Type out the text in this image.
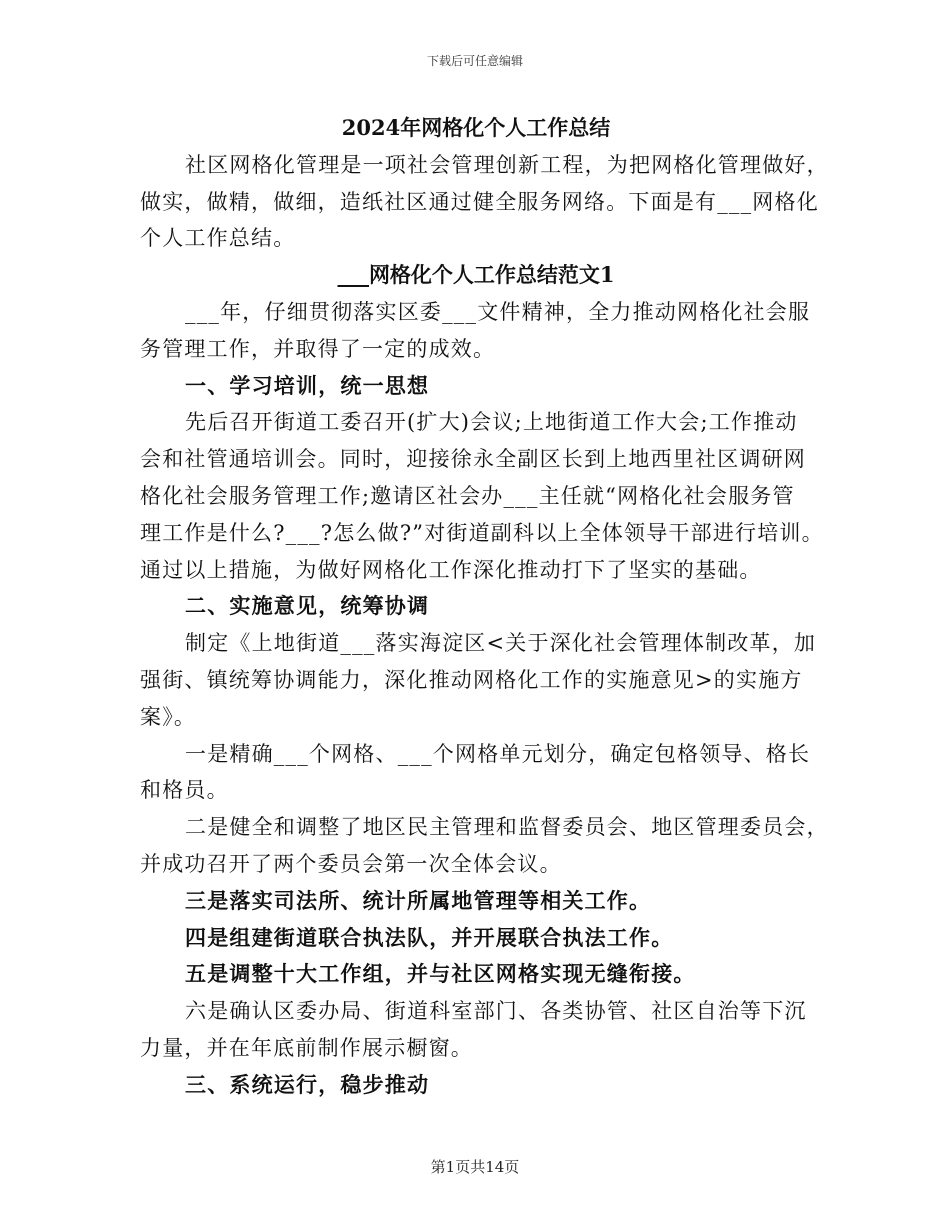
下载后可任意编辑
2024年网格化个人工作总结
社区网格化管理是一项社会管理创新工程，为把网格化管理做好，
做实，做精，做细，造纸社区通过健全服务网络。下面是有___网格化
个人工作总结。
___网格化个人工作总结范文1
___年，仔细贯彻落实区委___文件精神，全力推动网格化社会服
务管理工作，并取得了一定的成效。
一、学习培训，统一思想
先后召开街道工委召开(扩大)会议;上地街道工作大会;工作推动
会和社管通培训会。同时，迎接徐永全副区长到上地西里社区调研网
格化社会服务管理工作;邀请区社会办___主任就“网格化社会服务管
理工作是什么?___?怎么做?”对街道副科以上全体领导干部进行培训。
通过以上措施，为做好网格化工作深化推动打下了坚实的基础。
二、实施意见，统筹协调
制定《上地街道___落实海淀区<关于深化社会管理体制改革，加
强街、镇统筹协调能力，深化推动网格化工作的实施意见>的实施方
案》。
一是精确___个网格、___个网格单元划分，确定包格领导、格长
和格员。
二是健全和调整了地区民主管理和监督委员会、地区管理委员会，
并成功召开了两个委员会第一次全体会议。
三是落实司法所、统计所属地管理等相关工作。
四是组建街道联合执法队，并开展联合执法工作。
五是调整十大工作组，并与社区网格实现无缝衔接。
六是确认区委办局、街道科室部门、各类协管、社区自治等下沉
力量，并在年底前制作展示橱窗。
三、系统运行，稳步推动
第1页共14页
